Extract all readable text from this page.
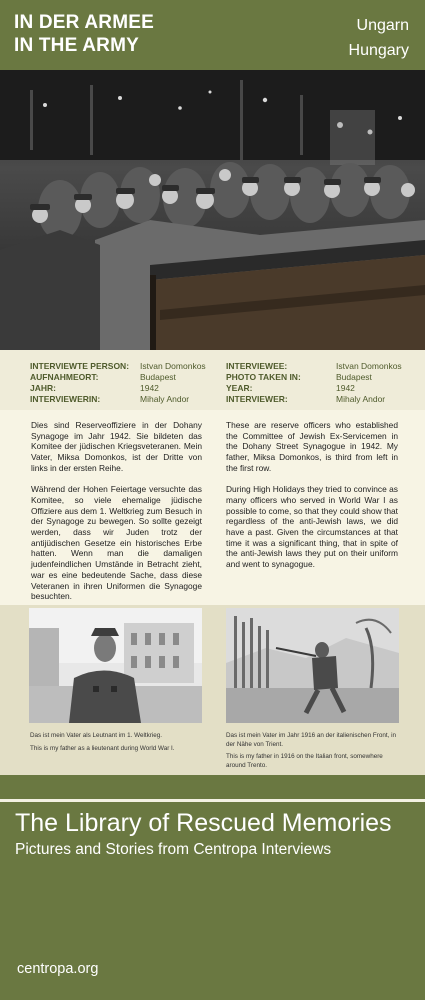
IN DER ARMEE
IN THE ARMY
Ungarn
Hungary
INTERVIEWTE PERSON:
AUFNAHMEORT:
JAHR:
INTERVIEWERIN:
Istvan Domonkos
Budapest
1942
Mihaly Andor
INTERVIEWEE:
PHOTO TAKEN IN:
YEAR:
INTERVIEWER:
Istvan Domonkos
Budapest
1942
Mihaly Andor

Dies sind Reserveoffiziere in der Dohany Synagoge im Jahr 1942. Sie bildeten das Komitee der jüdischen Kriegsveteranen. Mein Vater, Miksa Domonkos, ist der Dritte von links in der ersten Reihe.

Während der Hohen Feiertage versuchte das Komitee, so viele ehemalige jüdische Offiziere aus dem 1. Weltkrieg zum Besuch in der Synagoge zu bewegen. So sollte gezeigt werden, dass wir Juden trotz der antijüdischen Gesetze ein historisches Erbe hatten. Wenn man die damaligen judenfeindlichen Umstände in Betracht zieht, war es eine bedeutende Sache, dass diese Veteranen in ihren Uniformen die Synagoge besuchten.

These are reserve officers who established the Committee of Jewish Ex-Servicemen in the Dohany Street Synagogue in 1942. My father, Miksa Domonkos, is third from left in the first row.

During High Holidays they tried to convince as many officers who served in World War I as possible to come, so that they could show that regardless of the anti-Jewish laws, we did have a past. Given the circumstances at that time it was a significant thing, that in spite of the anti-Jewish laws they put on their uniform and went to synagogue.

Das ist mein Vater als Leutnant im 1. Weltkrieg.

This is my father as a lieutenant during World War I.

Das ist mein Vater im Jahr 1916 an der italienischen Front, in der Nähe von Trient.

This is my father in 1916 on the Italian front, somewhere around Trento.

The Library of Rescued Memories
Pictures and Stories from Centropa Interviews
centropa.org
